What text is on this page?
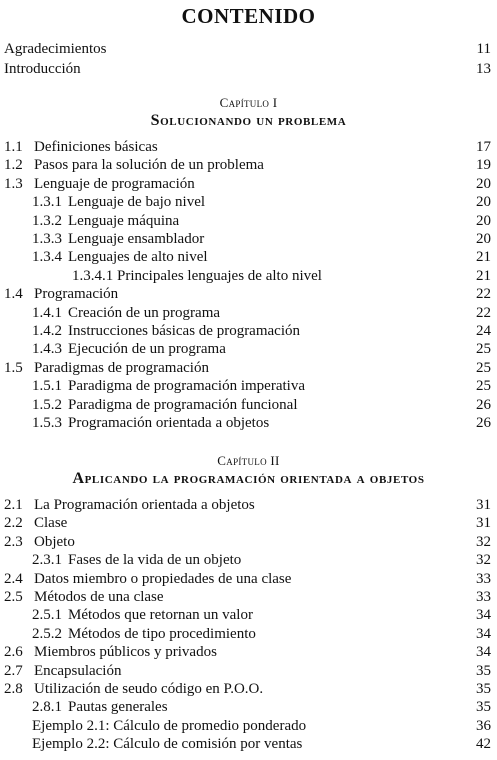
CONTENIDO
Agradecimientos	11
Introducción	13
Capítulo I
Solucionando un problema
1.1 Definiciones básicas	17
1.2 Pasos para la solución de un problema	19
1.3 Lenguaje de programación	20
1.3.1 Lenguaje de bajo nivel	20
1.3.2 Lenguaje máquina	20
1.3.3 Lenguaje ensamblador	20
1.3.4 Lenguajes de alto nivel	21
1.3.4.1 Principales lenguajes de alto nivel	21
1.4 Programación	22
1.4.1 Creación de un programa	22
1.4.2 Instrucciones básicas de programación	24
1.4.3 Ejecución de un programa	25
1.5 Paradigmas de programación	25
1.5.1 Paradigma de programación imperativa	25
1.5.2 Paradigma de programación funcional	26
1.5.3 Programación orientada a objetos	26
Capítulo II
Aplicando la programación orientada a objetos
2.1 La Programación orientada a objetos	31
2.2 Clase	31
2.3 Objeto	32
2.3.1 Fases de la vida de un objeto	32
2.4 Datos miembro o propiedades de una clase	33
2.5 Métodos de una clase	33
2.5.1 Métodos que retornan un valor	34
2.5.2 Métodos de tipo procedimiento	34
2.6 Miembros públicos y privados	34
2.7 Encapsulación	35
2.8 Utilización de seudo código en P.O.O.	35
2.8.1 Pautas generales	35
Ejemplo 2.1: Cálculo de promedio ponderado	36
Ejemplo 2.2: Cálculo de comisión por ventas	42
